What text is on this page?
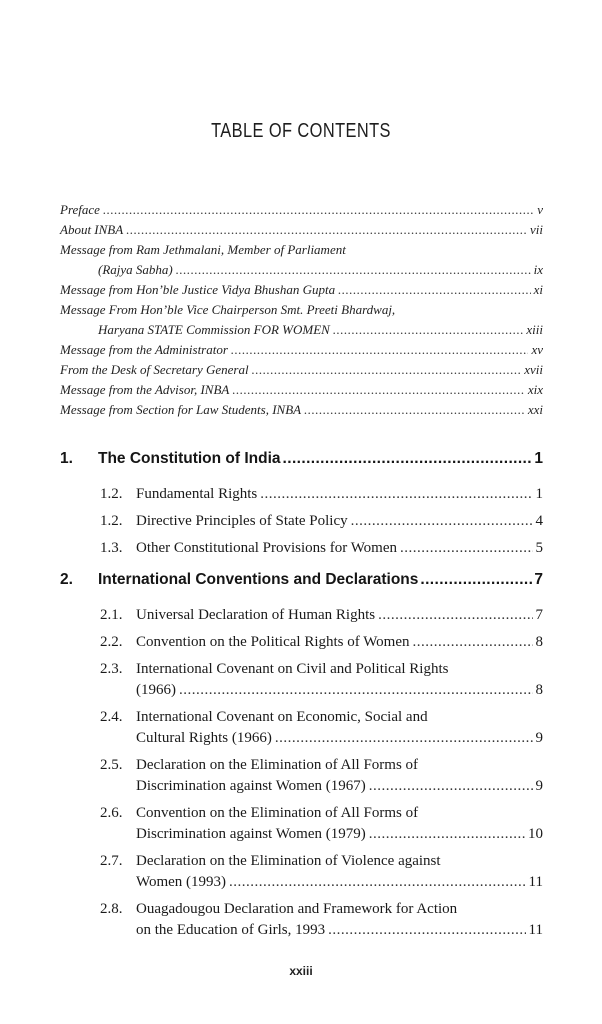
TABLE OF CONTENTS
Preface .....	v
About INBA .....	vii
Message from Ram Jethmalani, Member of Parliament
(Rajya Sabha) .....	ix
Message from Hon’ble Justice Vidya Bhushan Gupta .....	xi
Message From Hon’ble Vice Chairperson Smt. Preeti Bhardwaj,
Haryana STATE Commission FOR WOMEN .....	xiii
Message from the Administrator .....	xv
From the Desk of Secretary General .....	xvii
Message from the Advisor, INBA .....	xix
Message from Section for Law Students, INBA .....	xxi
1.	The Constitution of India .....	1
1.2. Fundamental Rights .....	1
1.2. Directive Principles of State Policy .....	4
1.3. Other Constitutional Provisions for Women .....	5
2.	International Conventions and Declarations .....	7
2.1. Universal Declaration of Human Rights .....	7
2.2. Convention on the Political Rights of Women .....	8
2.3. International Covenant on Civil and Political Rights
(1966) .....	8
2.4. International Covenant on Economic, Social and
Cultural Rights (1966) .....	9
2.5. Declaration on the Elimination of All Forms of
Discrimination against Women (1967) .....	9
2.6. Convention on the Elimination of All Forms of
Discrimination against Women (1979) .....	10
2.7. Declaration on the Elimination of Violence against
Women (1993) .....	11
2.8. Ouagadougou Declaration and Framework for Action
on the Education of Girls, 1993 .....	11
xxiii
